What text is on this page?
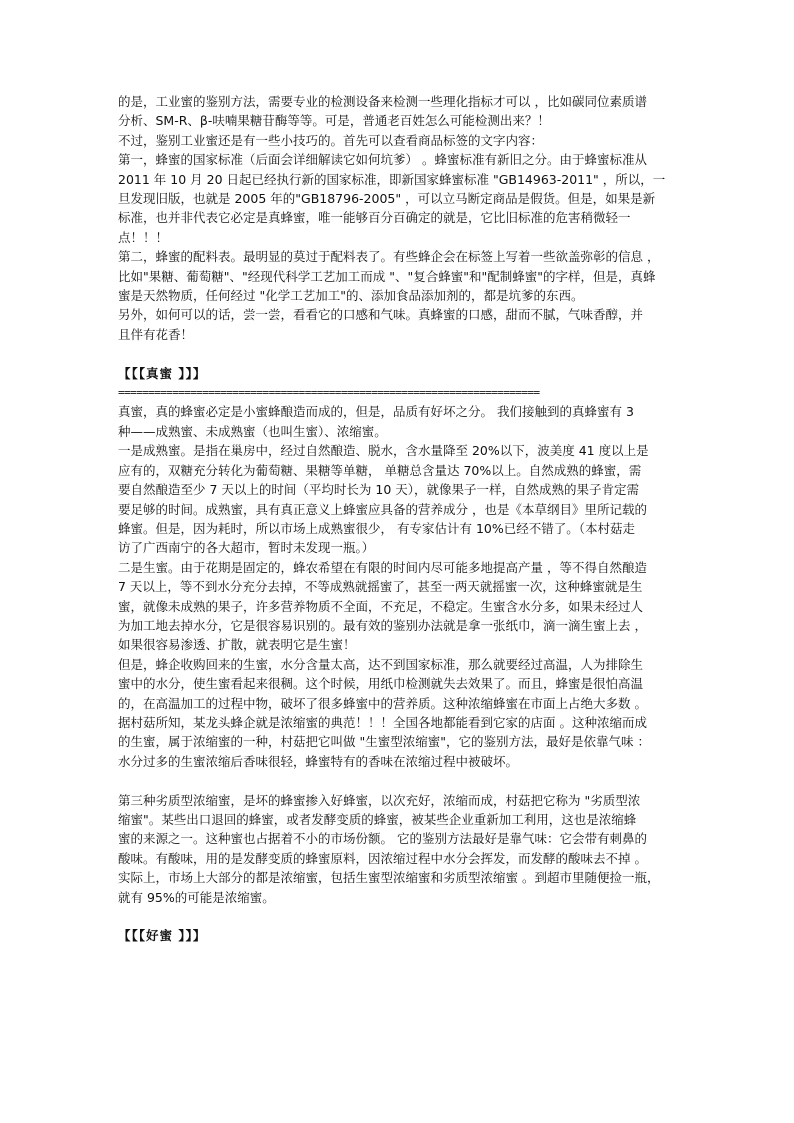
的是，工业蜜的鉴别方法，需要专业的检测设备来检测一些理化指标才可以 ，比如碳同位素质谱
分析、SM-R、β-呋喃果糖苷酶等等。可是，普通老百姓怎么可能检测出来？！
不过，鉴别工业蜜还是有一些小技巧的。首先可以查看商品标签的文字内容：
第一，蜂蜜的国家标准（后面会详细解读它如何坑爹） 。蜂蜜标准有新旧之分。由于蜂蜜标准从
2011 年 10 月 20 日起已经执行新的国家标准，即新国家蜂蜜标准 "GB14963-2011" ，所以，一
旦发现旧版，也就是 2005 年的"GB18796-2005" ，可以立马断定商品是假货。但是，如果是新
标准，也并非代表它必定是真蜂蜜，唯一能够百分百确定的就是，它比旧标准的危害稍微轻一
点！！！
第二，蜂蜜的配料表。最明显的莫过于配料表了。有些蜂企会在标签上写着一些欲盖弥彰的信息 ，
比如"果糖、葡萄糖"、"经现代科学工艺加工而成 "、"复合蜂蜜"和"配制蜂蜜"的字样，但是，真蜂
蜜是天然物质，任何经过 "化学工艺加工"的、添加食品添加剂的，都是坑爹的东西。
另外，如何可以的话，尝一尝，看看它的口感和气味。真蜂蜜的口感，甜而不腻，气味香醇，并
且伴有花香！
【【【真蜜 】】】
======================================================================
真蜜，真的蜂蜜必定是小蜜蜂酿造而成的，但是，品质有好坏之分。 我们接触到的真蜂蜜有 3
种——成熟蜜、未成熟蜜（也叫生蜜）、浓缩蜜。
一是成熟蜜。是指在巢房中，经过自然酿造、脱水，含水量降至 20%以下，波美度 41 度以上是
应有的，双糖充分转化为葡萄糖、果糖等单糖， 单糖总含量达 70%以上。自然成熟的蜂蜜，需
要自然酿造至少 7 天以上的时间（平均时长为 10 天），就像果子一样，自然成熟的果子肯定需
要足够的时间。成熟蜜，具有真正意义上蜂蜜应具备的营养成分 ，也是《本草纲目》里所记载的
蜂蜜。但是，因为耗时，所以市场上成熟蜜很少， 有专家估计有 10%已经不错了。（本村菇走
访了广西南宁的各大超市，暂时未发现一瓶。）
二是生蜜。由于花期是固定的，蜂农希望在有限的时间内尽可能多地提高产量 ，等不得自然酿造
7 天以上，等不到水分充分去掉，不等成熟就摇蜜了，甚至一两天就摇蜜一次，这种蜂蜜就是生
蜜，就像未成熟的果子，许多营养物质不全面，不充足，不稳定。生蜜含水分多，如果未经过人
为加工地去掉水分，它是很容易识别的。最有效的鉴别办法就是拿一张纸巾，滴一滴生蜜上去 ，
如果很容易渗透、扩散，就表明它是生蜜！
但是，蜂企收购回来的生蜜，水分含量太高，达不到国家标准，那么就要经过高温，人为排除生
蜜中的水分，使生蜜看起来很稠。这个时候，用纸巾检测就失去效果了。而且，蜂蜜是很怕高温
的，在高温加工的过程中物，破坏了很多蜂蜜中的营养质。这种浓缩蜂蜜在市面上占绝大多数 。
据村菇所知，某龙头蜂企就是浓缩蜜的典范！！！全国各地都能看到它家的店面 。这种浓缩而成
的生蜜，属于浓缩蜜的一种，村菇把它叫做 "生蜜型浓缩蜜"，它的鉴别方法，最好是依靠气味 ：
水分过多的生蜜浓缩后香味很轻，蜂蜜特有的香味在浓缩过程中被破坏。
第三种劣质型浓缩蜜，是坏的蜂蜜掺入好蜂蜜，以次充好，浓缩而成，村菇把它称为 "劣质型浓
缩蜜"。某些出口退回的蜂蜜，或者发酵变质的蜂蜜，被某些企业重新加工利用，这也是浓缩蜂
蜜的来源之一。这种蜜也占据着不小的市场份额。 它的鉴别方法最好是靠气味：它会带有刺鼻的
酸味。有酸味，用的是发酵变质的蜂蜜原料，因浓缩过程中水分会挥发，而发酵的酸味去不掉 。
实际上，市场上大部分的都是浓缩蜜，包括生蜜型浓缩蜜和劣质型浓缩蜜 。到超市里随便捡一瓶，
就有 95%的可能是浓缩蜜。
【【【好蜜 】】】
